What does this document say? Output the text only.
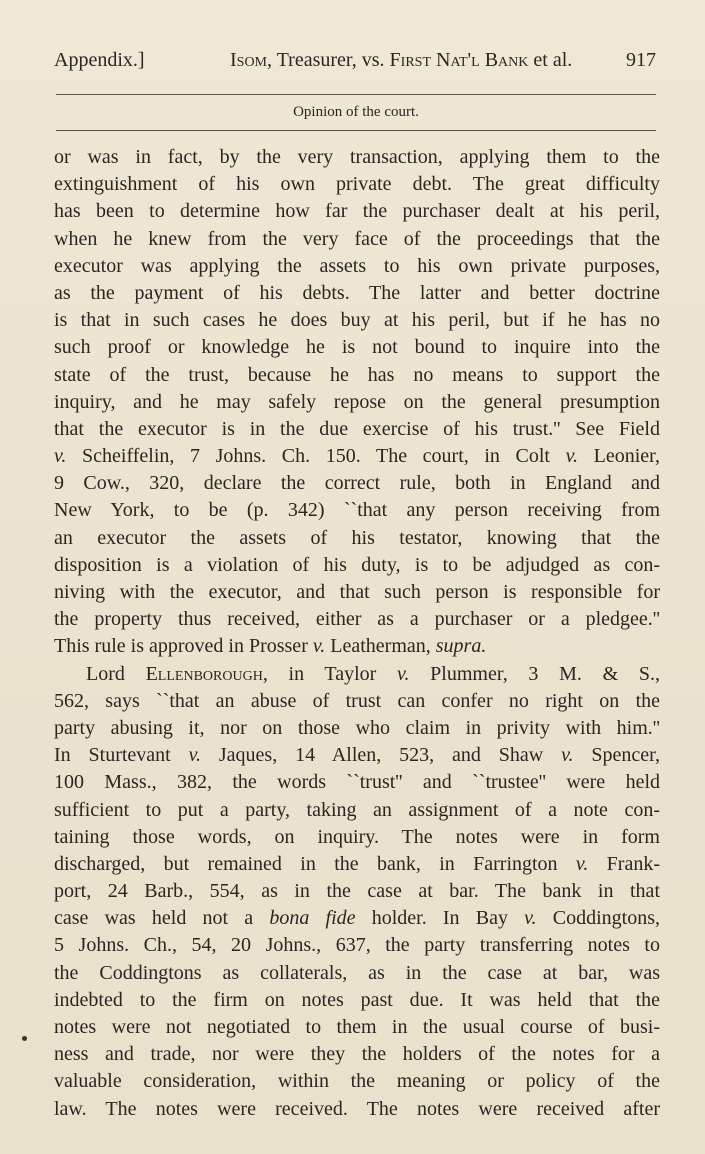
Appendix.]	Isom, Treasurer, vs. First Nat'l Bank et al.	917
Opinion of the court.
or was in fact, by the very transaction, applying them to the
extinguishment of his own private debt. The great difficulty
has been to determine how far the purchaser dealt at his peril,
when he knew from the very face of the proceedings that the
executor was applying the assets to his own private purposes,
as the payment of his debts. The latter and better doctrine
is that in such cases he does buy at his peril, but if he has no
such proof or knowledge he is not bound to inquire into the
state of the trust, because he has no means to support the
inquiry, and he may safely repose on the general presumption
that the executor is in the due exercise of his trust.'' See Field
v. Scheiffelin, 7 Johns. Ch. 150. The court, in Colt v. Leonier,
9 Cow., 320, declare the correct rule, both in England and
New York, to be (p. 342) ``that any person receiving from
an executor the assets of his testator, knowing that the
disposition is a violation of his duty, is to be adjudged as con-
niving with the executor, and that such person is responsible for
the property thus received, either as a purchaser or a pledgee.''
This rule is approved in Prosser v. Leatherman, supra.
Lord Ellenborough, in Taylor v. Plummer, 3 M. & S.,
562, says ``that an abuse of trust can confer no right on the
party abusing it, nor on those who claim in privity with him.''
In Sturtevant v. Jaques, 14 Allen, 523, and Shaw v. Spencer,
100 Mass., 382, the words ``trust'' and ``trustee'' were held
sufficient to put a party, taking an assignment of a note con-
taining those words, on inquiry. The notes were in form
discharged, but remained in the bank, in Farrington v. Frank-
port, 24 Barb., 554, as in the case at bar. The bank in that
case was held not a bona fide holder. In Bay v. Coddingtons,
5 Johns. Ch., 54, 20 Johns., 637, the party transferring notes to
the Coddingtons as collaterals, as in the case at bar, was
indebted to the firm on notes past due. It was held that the
notes were not negotiated to them in the usual course of busi-
ness and trade, nor were they the holders of the notes for a
valuable consideration, within the meaning or policy of the
law. The notes were received. The notes were received after
